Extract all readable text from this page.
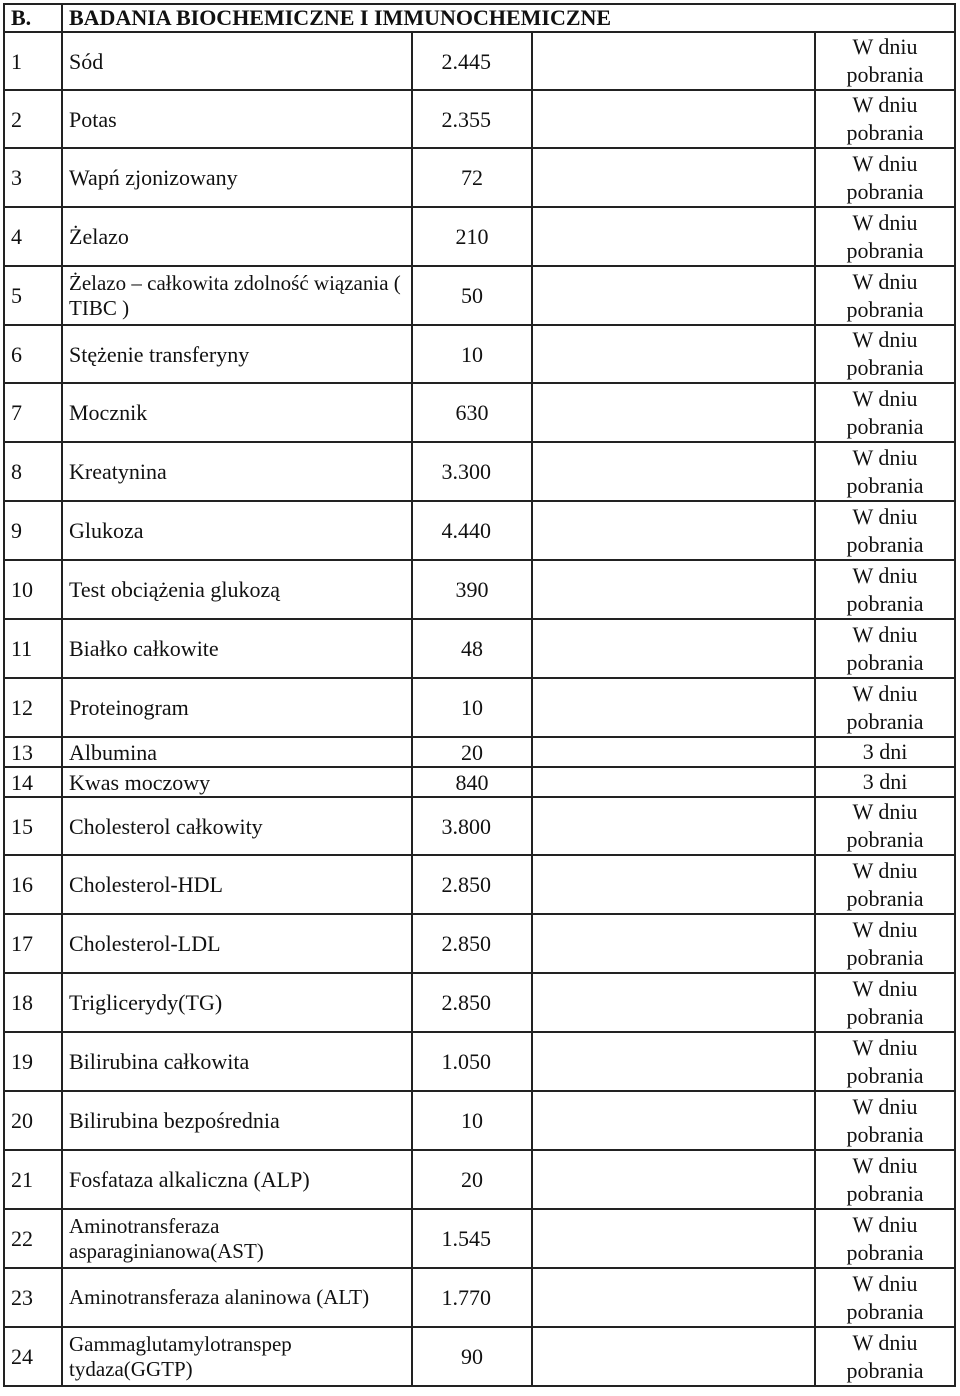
B.	BADANIA BIOCHEMICZNE I IMMUNOCHEMICZNE			
1	Sód	2.445		W dniu pobrania
2	Potas	2.355		W dniu pobrania
3	Wapń zjonizowany	72		W dniu pobrania
4	Żelazo	210		W dniu pobrania
5	Żelazo – całkowita zdolność wiązania ( TIBC )	50		W dniu pobrania
6	Stężenie transferyny	10		W dniu pobrania
7	Mocznik	630		W dniu pobrania
8	Kreatynina	3.300		W dniu pobrania
9	Glukoza	4.440		W dniu pobrania
10	Test obciążenia glukozą	390		W dniu pobrania
11	Białko całkowite	48		W dniu pobrania
12	Proteinogram	10		W dniu pobrania
13	Albumina	20		3 dni
14	Kwas moczowy	840		3 dni
15	Cholesterol całkowity	3.800		W dniu pobrania
16	Cholesterol-HDL	2.850		W dniu pobrania
17	Cholesterol-LDL	2.850		W dniu pobrania
18	Triglicerydy(TG)	2.850		W dniu pobrania
19	Bilirubina całkowita	1.050		W dniu pobrania
20	Bilirubina bezpośrednia	10		W dniu pobrania
21	Fosfataza alkaliczna (ALP)	20		W dniu pobrania
22	Aminotransferaza asparaginianowa(AST)	1.545		W dniu pobrania
23	Aminotransferaza alaninowa (ALT)	1.770		W dniu pobrania
24	Gammaglutamylotranspep tydaza(GGTP)	90		W dniu pobrania
